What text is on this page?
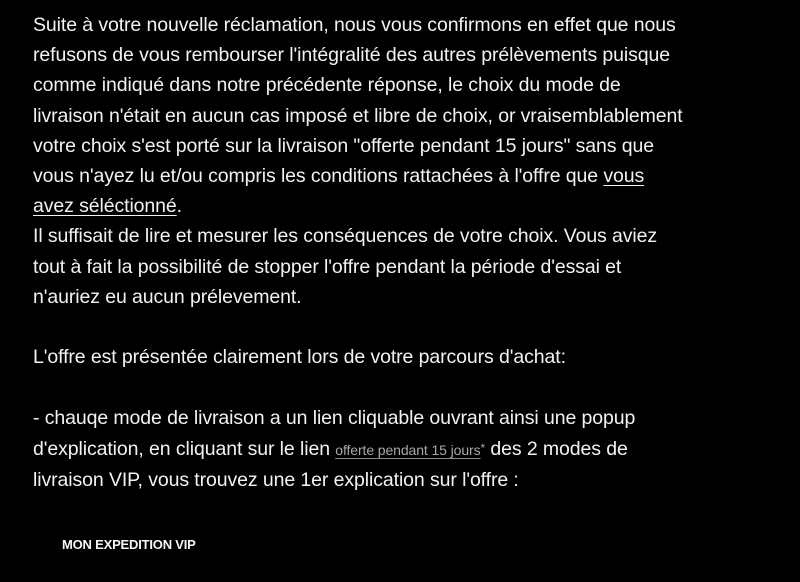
Suite à votre nouvelle réclamation, nous vous confirmons en effet que nous
refusons de vous rembourser l'intégralité des autres prélèvements puisque
comme indiqué dans notre précédente réponse, le choix du mode de
livraison n'était en aucun cas imposé et libre de choix, or vraisemblablement
votre choix s'est porté sur la livraison "offerte pendant 15 jours" sans que
vous n'ayez lu et/ou compris les conditions rattachées à l'offre que vous
avez séléctionné.
Il suffisait de lire et mesurer les conséquences de votre choix. Vous aviez
tout à fait la possibilité de stopper l'offre pendant la période d'essai et
n'auriez eu aucun prélevement.
L'offre est présentée clairement lors de votre parcours d'achat:
- chauqe mode de livraison a un lien cliquable ouvrant ainsi une popup
d'explication, en cliquant sur le lien offerte pendant 15 jours* des 2 modes de
livraison VIP, vous trouvez une 1er explication sur l'offre :
MON EXPEDITION VIP
